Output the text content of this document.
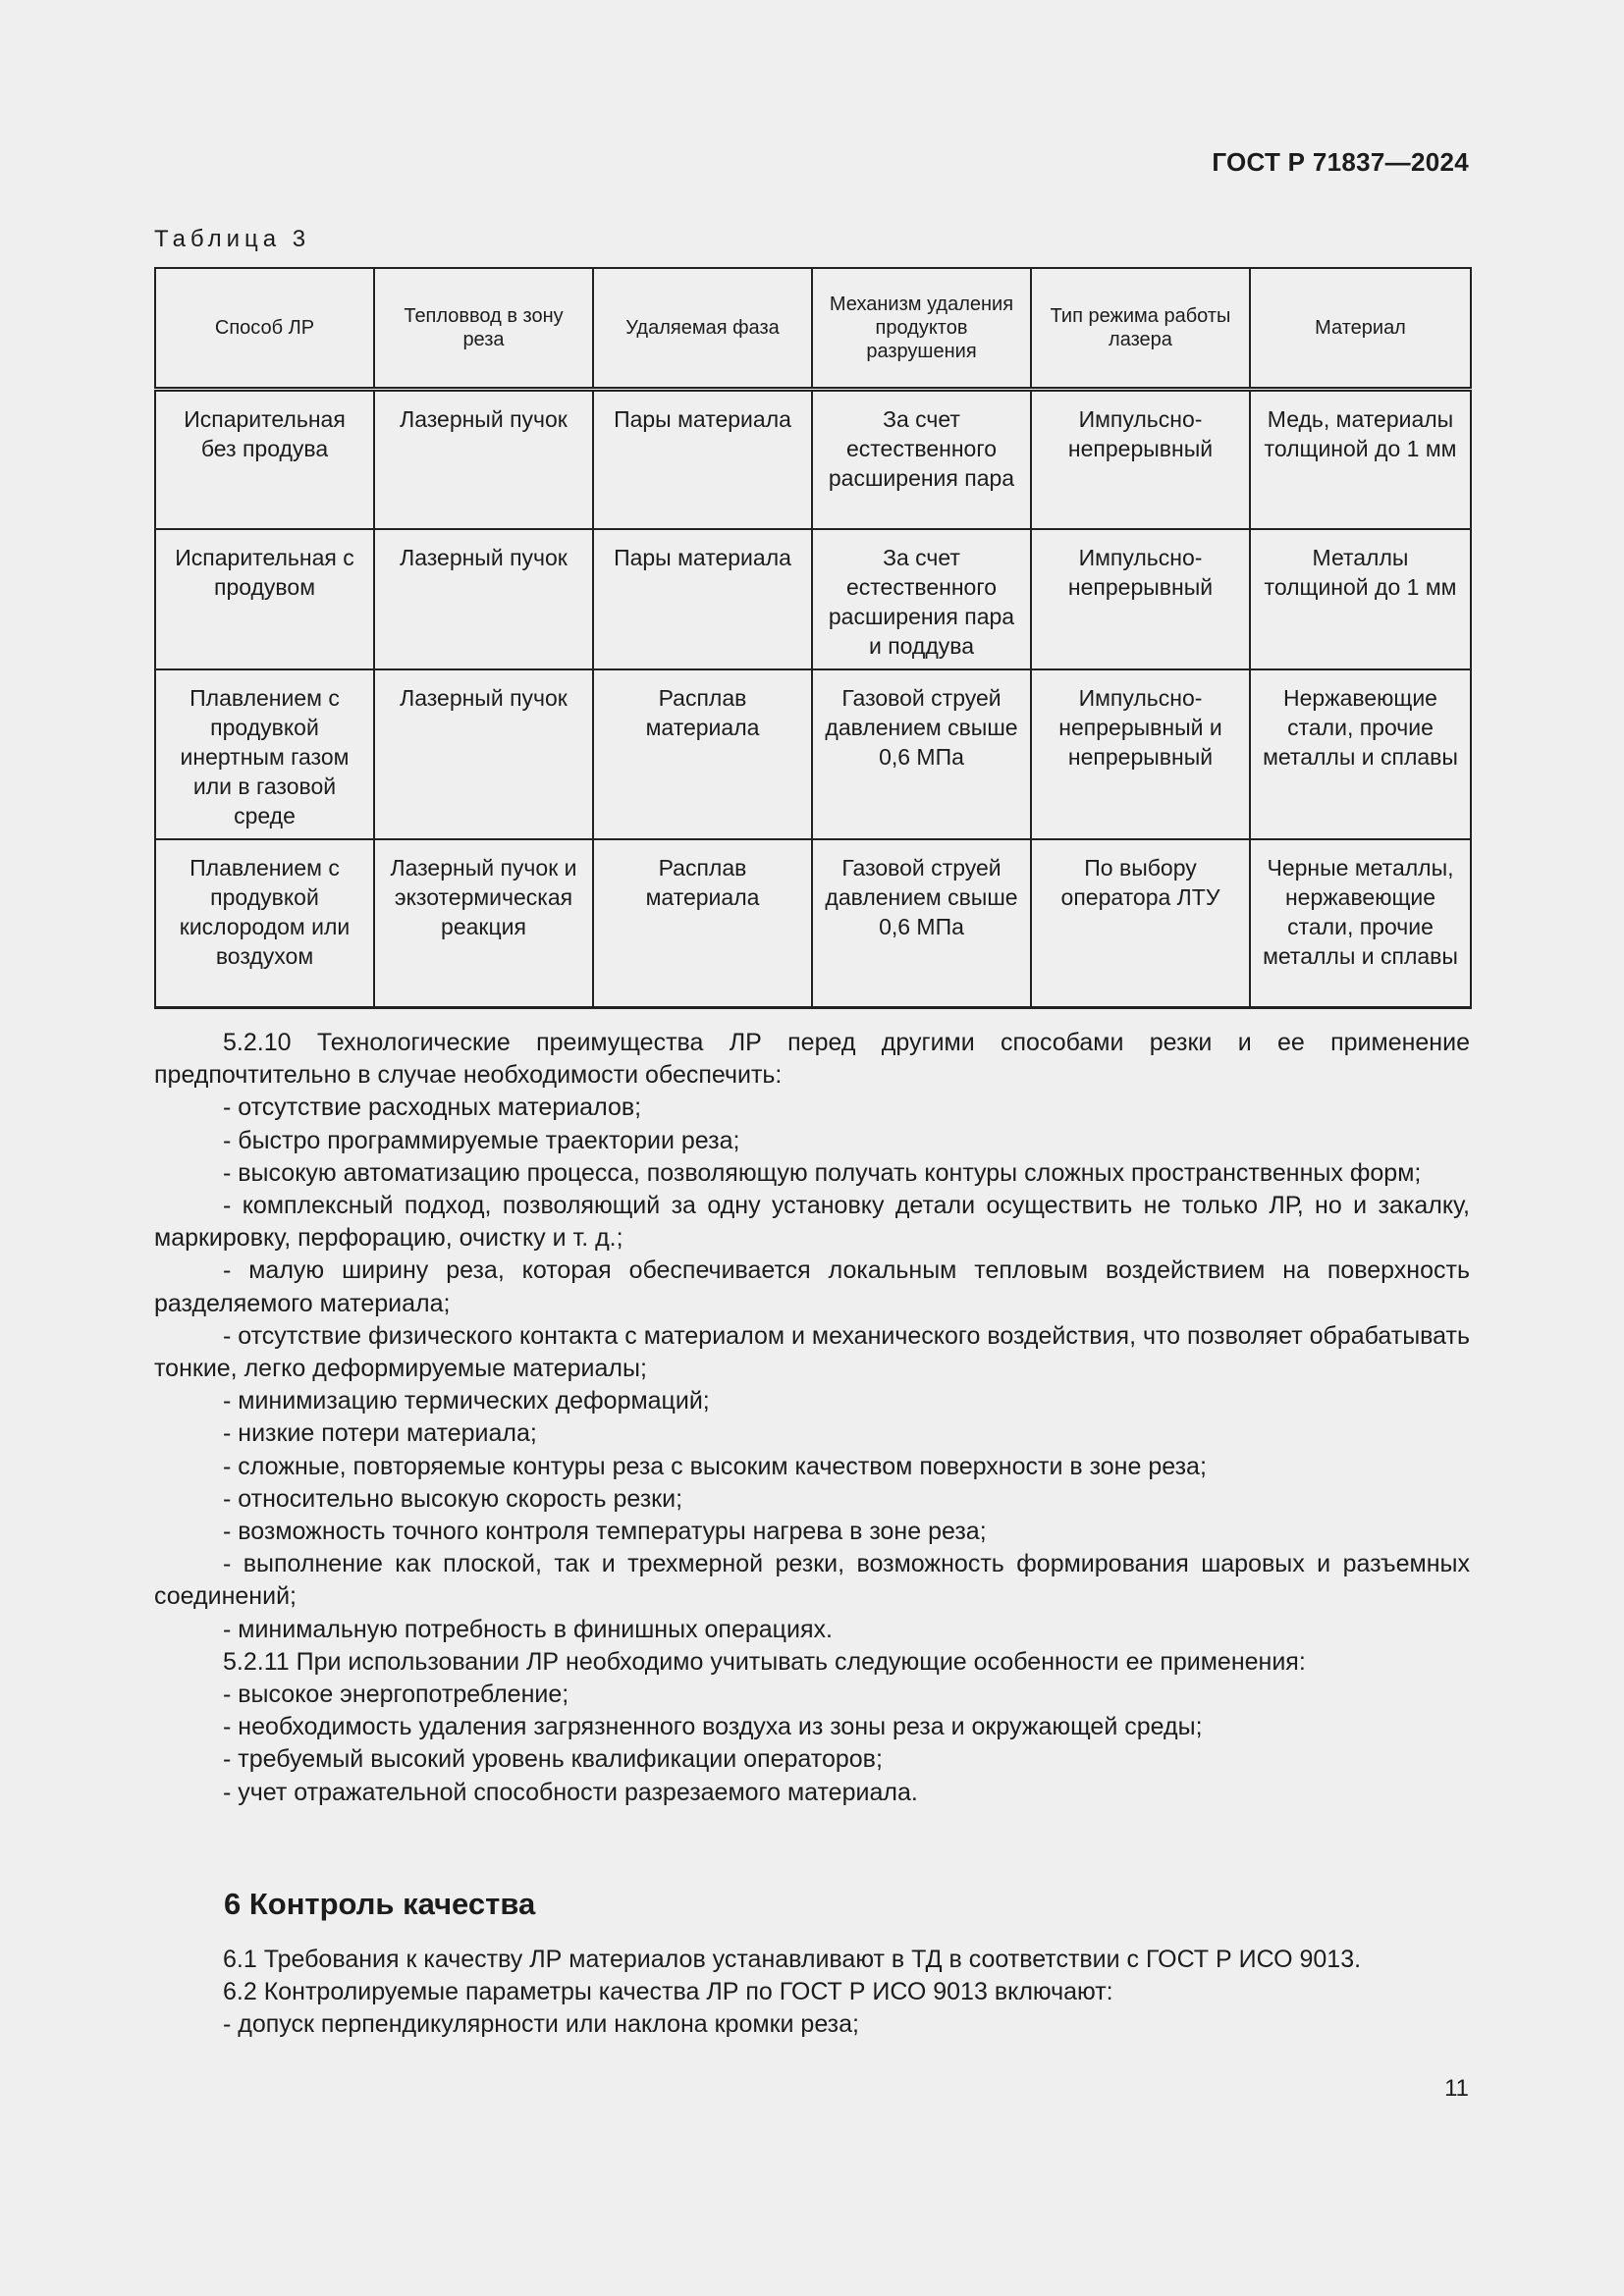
ГОСТ Р 71837—2024
Таблица 3
Способ ЛР	Тепловвод в зону реза	Удаляемая фаза	Механизм удаления продуктов разрушения	Тип режима работы лазера	Материал
Испарительная без продува	Лазерный пучок	Пары материала	За счет естественного расширения пара	Импульсно-непрерывный	Медь, материалы толщиной до 1 мм
Испарительная с продувом	Лазерный пучок	Пары материала	За счет естественного расширения пара и поддува	Импульсно-непрерывный	Металлы толщиной до 1 мм
Плавлением с продувкой инертным газом или в газовой среде	Лазерный пучок	Расплав материала	Газовой струей давлением свыше 0,6 МПа	Импульсно-непрерывный и непрерывный	Нержавеющие стали, прочие металлы и сплавы
Плавлением с продувкой кислородом или воздухом	Лазерный пучок и экзотермическая реакция	Расплав материала	Газовой струей давлением свыше 0,6 МПа	По выбору оператора ЛТУ	Черные металлы, нержавеющие стали, прочие металлы и сплавы

5.2.10 Технологические преимущества ЛР перед другими способами резки и ее применение предпочтительно в случае необходимости обеспечить:

- отсутствие расходных материалов;

- быстро программируемые траектории реза;

- высокую автоматизацию процесса, позволяющую получать контуры сложных пространственных форм;

- комплексный подход, позволяющий за одну установку детали осуществить не только ЛР, но и закалку, маркировку, перфорацию, очистку и т. д.;

- малую ширину реза, которая обеспечивается локальным тепловым воздействием на поверхность разделяемого материала;

- отсутствие физического контакта с материалом и механического воздействия, что позволяет обрабатывать тонкие, легко деформируемые материалы;

- минимизацию термических деформаций;

- низкие потери материала;

- сложные, повторяемые контуры реза с высоким качеством поверхности в зоне реза;

- относительно высокую скорость резки;

- возможность точного контроля температуры нагрева в зоне реза;

- выполнение как плоской, так и трехмерной резки, возможность формирования шаровых и разъемных соединений;

- минимальную потребность в финишных операциях.

5.2.11 При использовании ЛР необходимо учитывать следующие особенности ее применения:

- высокое энергопотребление;

- необходимость удаления загрязненного воздуха из зоны реза и окружающей среды;

- требуемый высокий уровень квалификации операторов;

- учет отражательной способности разрезаемого материала.

6 Контроль качества

6.1 Требования к качеству ЛР материалов устанавливают в ТД в соответствии с ГОСТ Р ИСО 9013.

6.2 Контролируемые параметры качества ЛР по ГОСТ Р ИСО 9013 включают:

- допуск перпендикулярности или наклона кромки реза;

11
